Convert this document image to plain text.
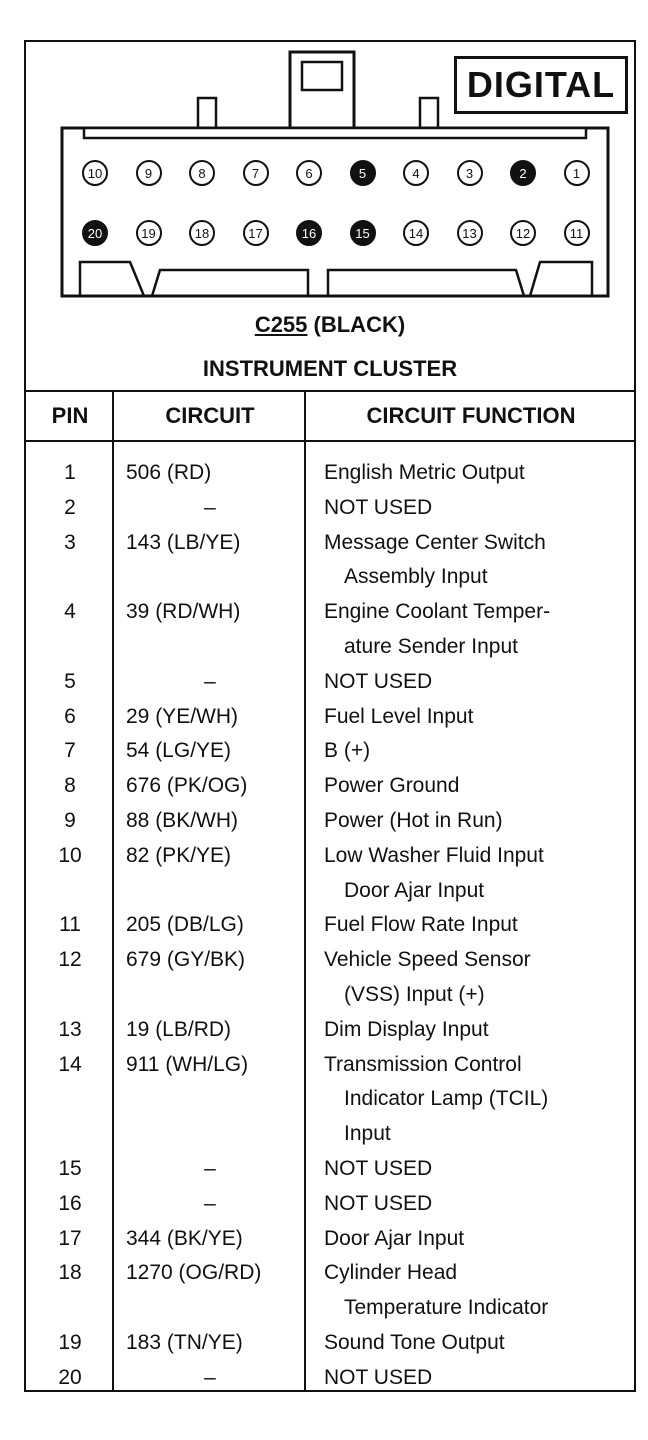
DIGITAL
10	9	8	7	6	5	4	3	2	1
20	19	18	17	16	15	14	13	12	11
C255 (BLACK)
INSTRUMENT CLUSTER
PIN	CIRCUIT	CIRCUIT FUNCTION
1	506 (RD)	English Metric Output
2	–	NOT USED
3	143 (LB/YE)	Message Center Switch
Assembly Input
4	39 (RD/WH)	Engine Coolant Temper-
ature Sender Input
5	–	NOT USED
6	29 (YE/WH)	Fuel Level Input
7	54 (LG/YE)	B (+)
8	676 (PK/OG)	Power Ground
9	88 (BK/WH)	Power (Hot in Run)
10	82 (PK/YE)	Low Washer Fluid Input
Door Ajar Input
11	205 (DB/LG)	Fuel Flow Rate Input
12	679 (GY/BK)	Vehicle Speed Sensor
(VSS) Input (+)
13	19 (LB/RD)	Dim Display Input
14	911 (WH/LG)	Transmission Control
Indicator Lamp (TCIL)
Input
15	–	NOT USED
16	–	NOT USED
17	344 (BK/YE)	Door Ajar Input
18	1270 (OG/RD)	Cylinder Head
Temperature Indicator
19	183 (TN/YE)	Sound Tone Output
20	–	NOT USED
